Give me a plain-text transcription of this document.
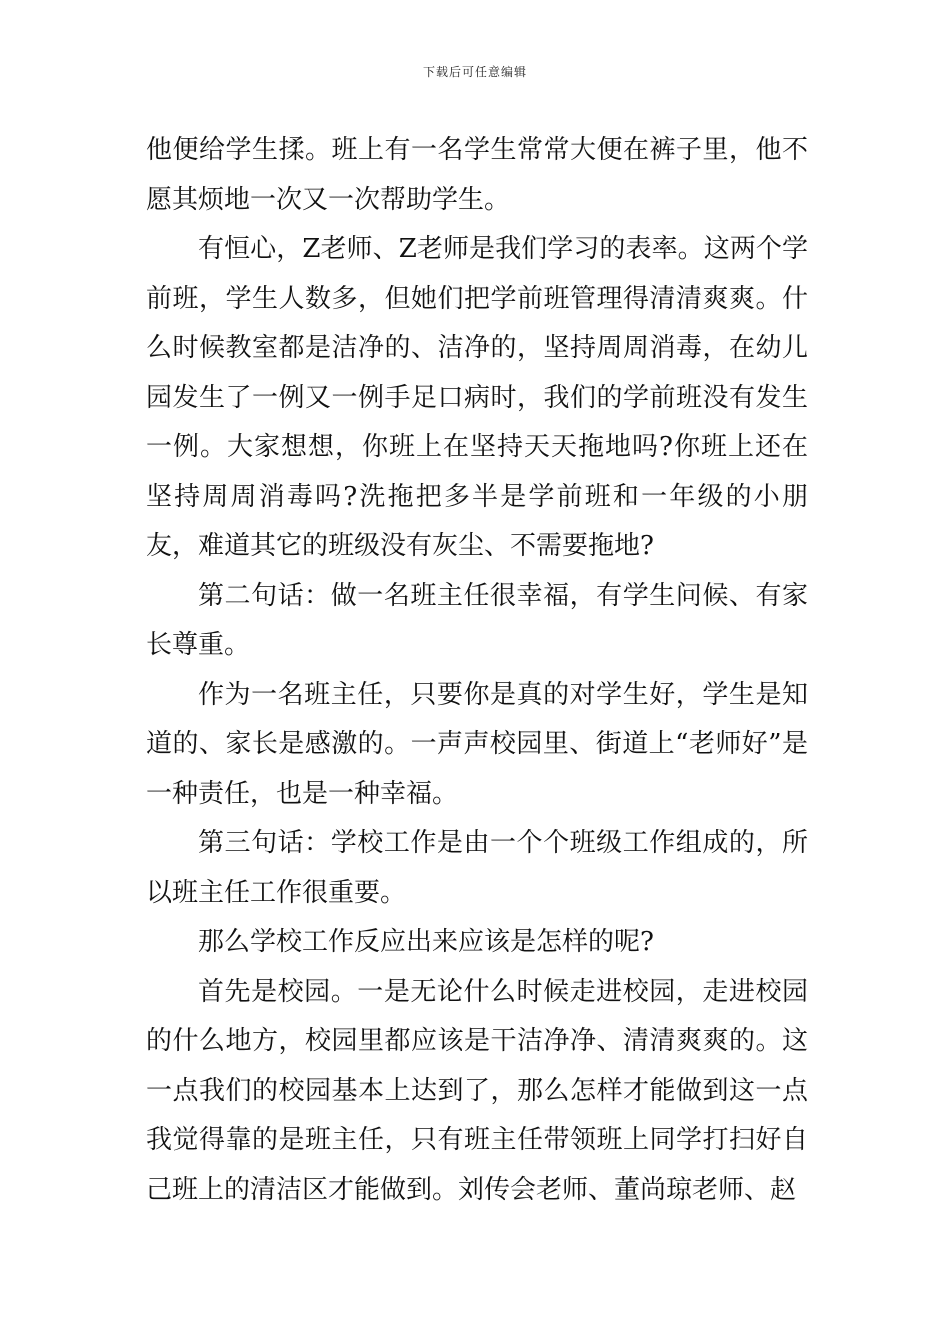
下载后可任意编辑

他便给学生揉。班上有一名学生常常大便在裤子里，他不愿其烦地一次又一次帮助学生。

有恒心，Z老师、Z老师是我们学习的表率。这两个学前班，学生人数多，但她们把学前班管理得清清爽爽。什么时候教室都是洁净的、洁净的，坚持周周消毒，在幼儿园发生了一例又一例手足口病时，我们的学前班没有发生一例。大家想想，你班上在坚持天天拖地吗?你班上还在坚持周周消毒吗?洗拖把多半是学前班和一年级的小朋友，难道其它的班级没有灰尘、不需要拖地?

第二句话：做一名班主任很幸福，有学生问候、有家长尊重。

作为一名班主任，只要你是真的对学生好，学生是知道的、家长是感激的。一声声校园里、街道上“老师好”是一种责任，也是一种幸福。

第三句话：学校工作是由一个个班级工作组成的，所以班主任工作很重要。

那么学校工作反应出来应该是怎样的呢?

首先是校园。一是无论什么时候走进校园，走进校园的什么地方，校园里都应该是干洁净净、清清爽爽的。这一点我们的校园基本上达到了，那么怎样才能做到这一点我觉得靠的是班主任，只有班主任带领班上同学打扫好自己班上的清洁区才能做到。刘传会老师、董尚琼老师、赵
